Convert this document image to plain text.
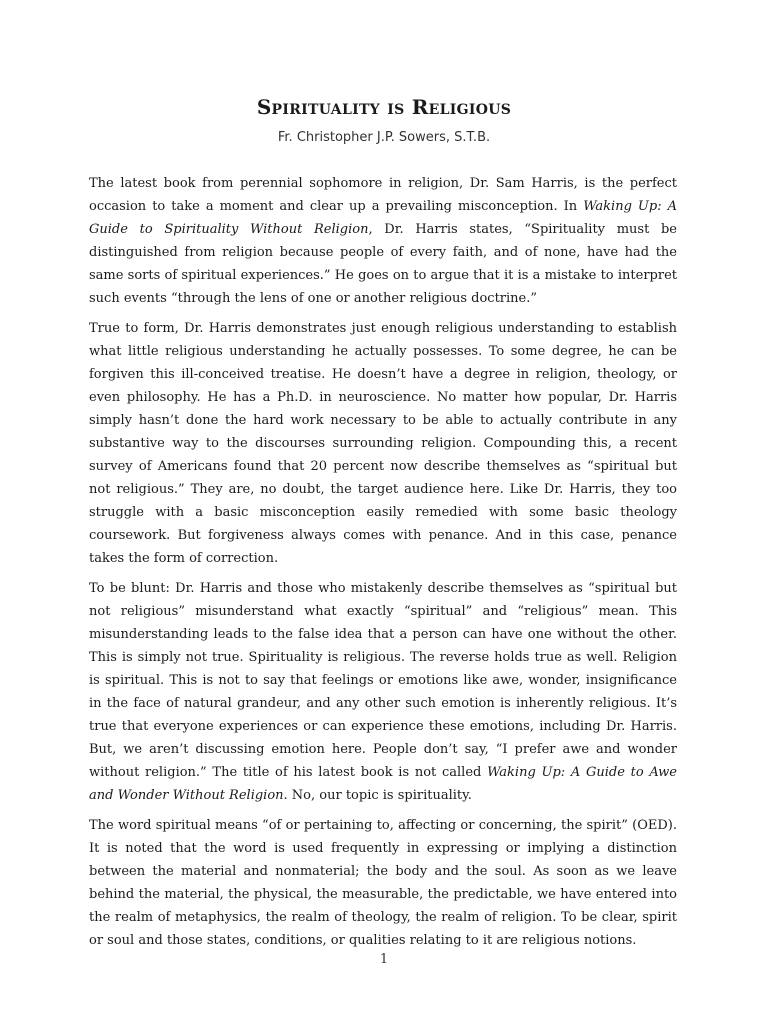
Spirituality is Religious
Fr. Christopher J.P. Sowers, S.T.B.

The latest book from perennial sophomore in religion, Dr. Sam Harris, is the perfect occasion to take a moment and clear up a prevailing misconception. In Waking Up: A Guide to Spirituality Without Religion, Dr. Harris states, “Spirituality must be distinguished from religion because people of every faith, and of none, have had the same sorts of spiritual experiences.” He goes on to argue that it is a mistake to interpret such events “through the lens of one or another religious doctrine.”

True to form, Dr. Harris demonstrates just enough religious understanding to establish what little religious understanding he actually possesses. To some degree, he can be forgiven this ill-conceived treatise. He doesn’t have a degree in religion, theology, or even philosophy. He has a Ph.D. in neuroscience. No matter how popular, Dr. Harris simply hasn’t done the hard work necessary to be able to actually contribute in any substantive way to the discourses surrounding religion. Compounding this, a recent survey of Americans found that 20 percent now describe themselves as “spiritual but not religious.” They are, no doubt, the target audience here. Like Dr. Harris, they too struggle with a basic misconception easily remedied with some basic theology coursework. But forgiveness always comes with penance. And in this case, penance takes the form of correction.

To be blunt: Dr. Harris and those who mistakenly describe themselves as “spiritual but not religious” misunderstand what exactly “spiritual” and “religious” mean. This misunderstanding leads to the false idea that a person can have one without the other. This is simply not true. Spirituality is religious. The reverse holds true as well. Religion is spiritual. This is not to say that feelings or emotions like awe, wonder, insignificance in the face of natural grandeur, and any other such emotion is inherently religious. It’s true that everyone experiences or can experience these emotions, including Dr. Harris. But, we aren’t discussing emotion here. People don’t say, “I prefer awe and wonder without religion.” The title of his latest book is not called Waking Up: A Guide to Awe and Wonder Without Religion. No, our topic is spirituality.

The word spiritual means “of or pertaining to, affecting or concerning, the spirit” (OED). It is noted that the word is used frequently in expressing or implying a distinction between the material and nonmaterial; the body and the soul. As soon as we leave behind the material, the physical, the measurable, the predictable, we have entered into the realm of metaphysics, the realm of theology, the realm of religion. To be clear, spirit or soul and those states, conditions, or qualities relating to it are religious notions.

1
